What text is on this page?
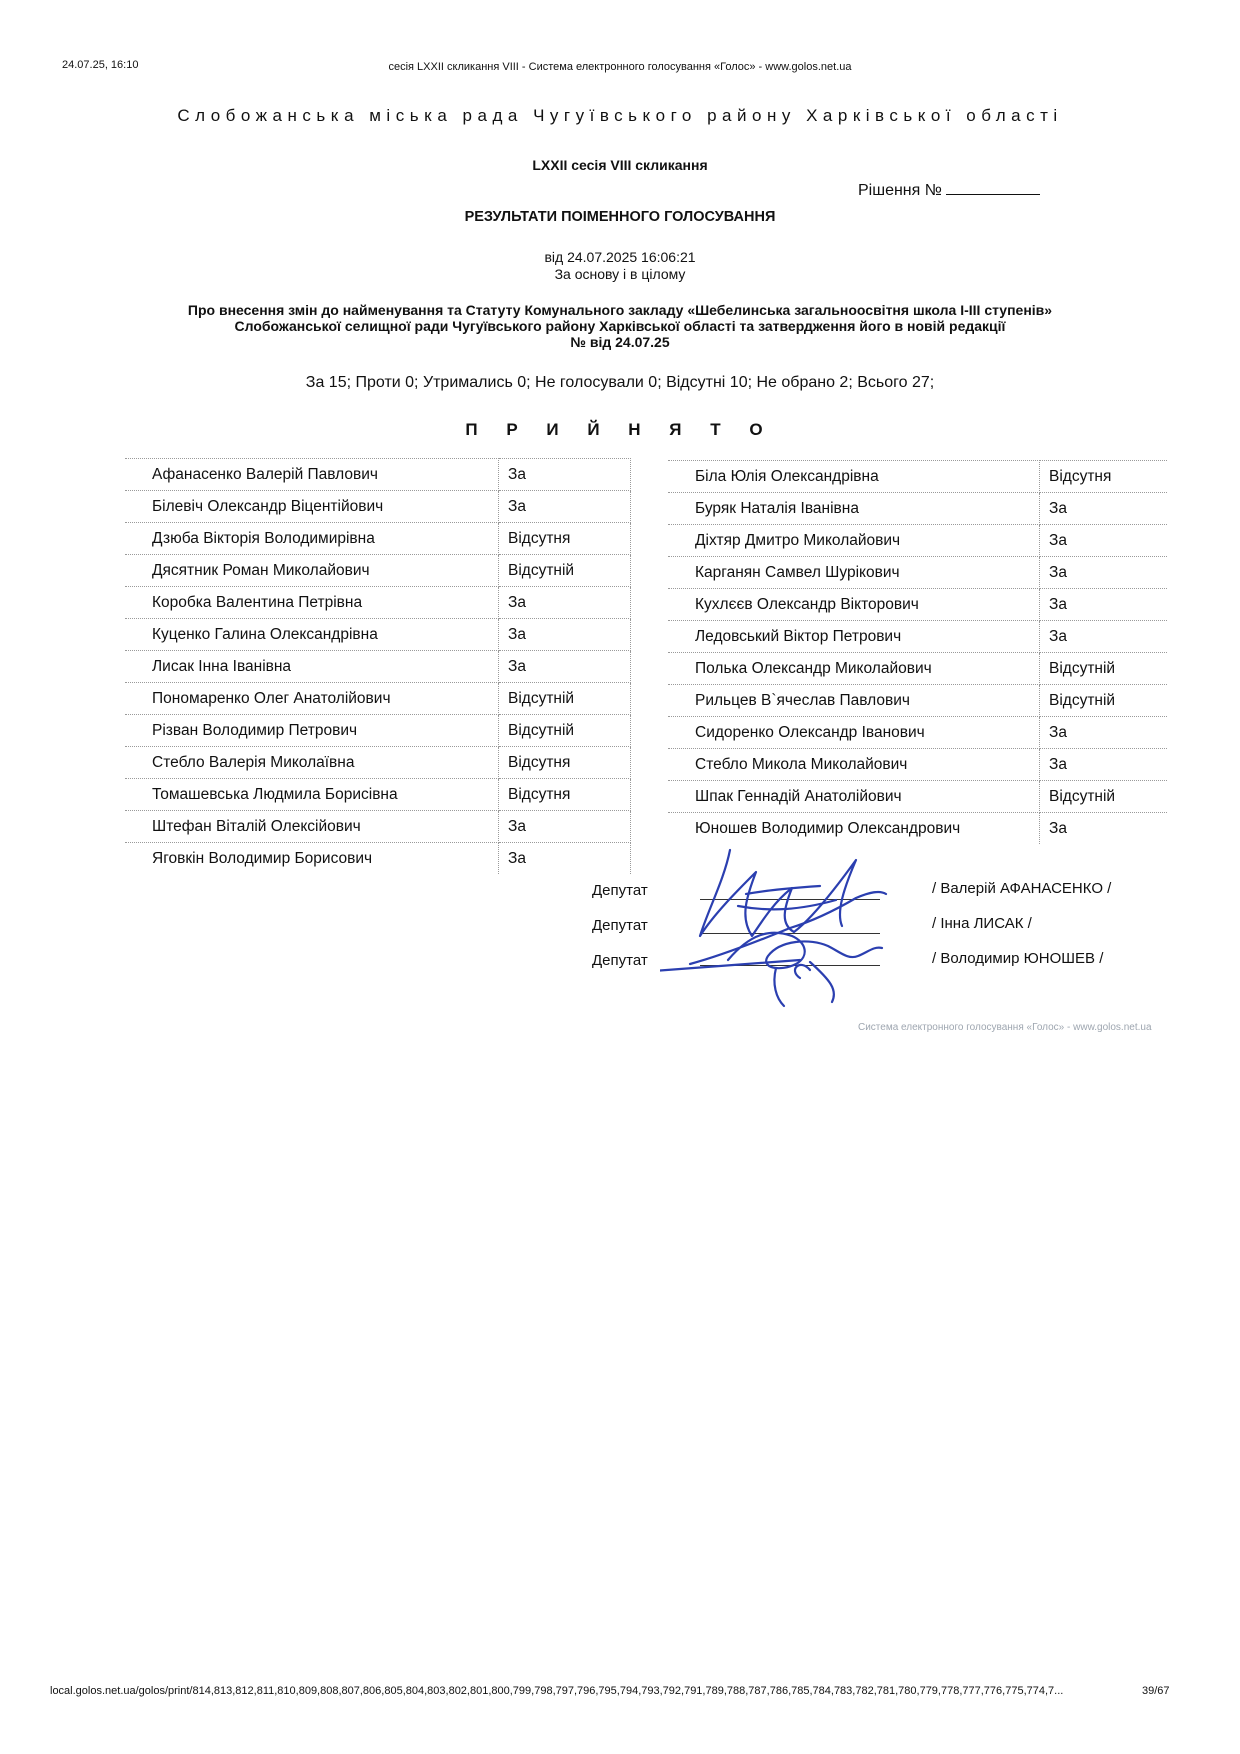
24.07.25, 16:10	сесія LXXII скликання VIII - Система електронного голосування «Голос» - www.golos.net.ua
Слобожанська міська рада Чугуївського району Харківської області
LXXII сесія VIII скликання
Рішення №
РЕЗУЛЬТАТИ ПОІМЕННОГО ГОЛОСУВАННЯ
від 24.07.2025 16:06:21
За основу і в цілому
Про внесення змін до найменування та Статуту Комунального закладу «Шебелинська загальноосвітня школа І-ІІІ ступенів»
Слобожанської селищної ради Чугуївського району Харківської області та затвердження його в новій редакції
№ від 24.07.25
За 15; Проти 0; Утримались 0; Не голосували 0; Відсутні 10; Не обрано 2; Всього 27;
П Р И Й Н Я Т О
Афанасенко Валерій Павлович	За
Білевіч Олександр Віцентійович	За
Дзюба Вікторія Володимирівна	Відсутня
Дясятник Роман Миколайович	Відсутній
Коробка Валентина Петрівна	За
Куценко Галина Олександрівна	За
Лисак Інна Іванівна	За
Пономаренко Олег Анатолійович	Відсутній
Різван Володимир Петрович	Відсутній
Стебло Валерія Миколаївна	Відсутня
Томашевська Людмила Борисівна	Відсутня
Штефан Віталій Олексійович	За
Яговкін Володимир Борисович	За
Біла Юлія Олександрівна	Відсутня
Буряк Наталія Іванівна	За
Діхтяр Дмитро Миколайович	За
Карганян Самвел Шурікович	За
Кухлєєв Олександр Вікторович	За
Ледовський Віктор Петрович	За
Полька Олександр Миколайович	Відсутній
Рильцев В`ячеслав Павлович	Відсутній
Сидоренко Олександр Іванович	За
Стебло Микола Миколайович	За
Шпак Геннадій Анатолійович	Відсутній
Юношев Володимир Олександрович	За
Депутат	/ Валерій АФАНАСЕНКО /
Депутат	/ Інна ЛИСАК /
Депутат	/ Володимир ЮНОШЕВ /
Система електронного голосування «Голос» - www.golos.net.ua
local.golos.net.ua/golos/print/814,813,812,811,810,809,808,807,806,805,804,803,802,801,800,799,798,797,796,795,794,793,792,791,789,788,787,786,785,784,783,782,781,780,779,778,777,776,775,774,7...	39/67
